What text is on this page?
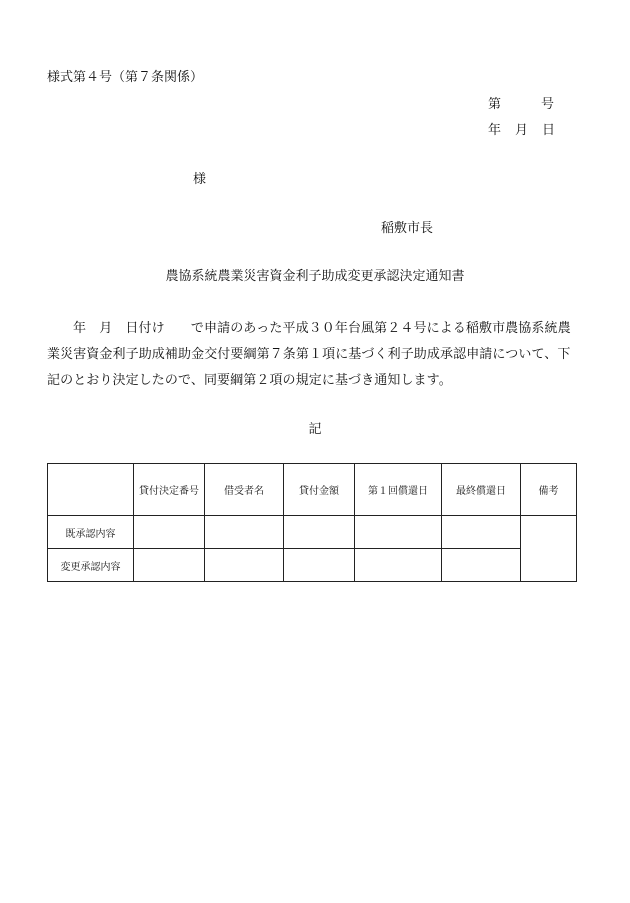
様式第４号（第７条関係）
第	号
年 月 日
様
稲敷市長
農協系統農業災害資金利子助成変更承認決定通知書
年　月　日付け　　で申請のあった平成３０年台風第２４号による稲敷市農協系統農業災害資金利子助成補助金交付要綱第７条第１項に基づく利子助成承認申請について、下記のとおり決定したので、同要綱第２項の規定に基づき通知します。
記
	貸付決定番号	借受者名	貸付金額	第１回償還日	最終償還日	備考
既承認内容						
変更承認内容						
